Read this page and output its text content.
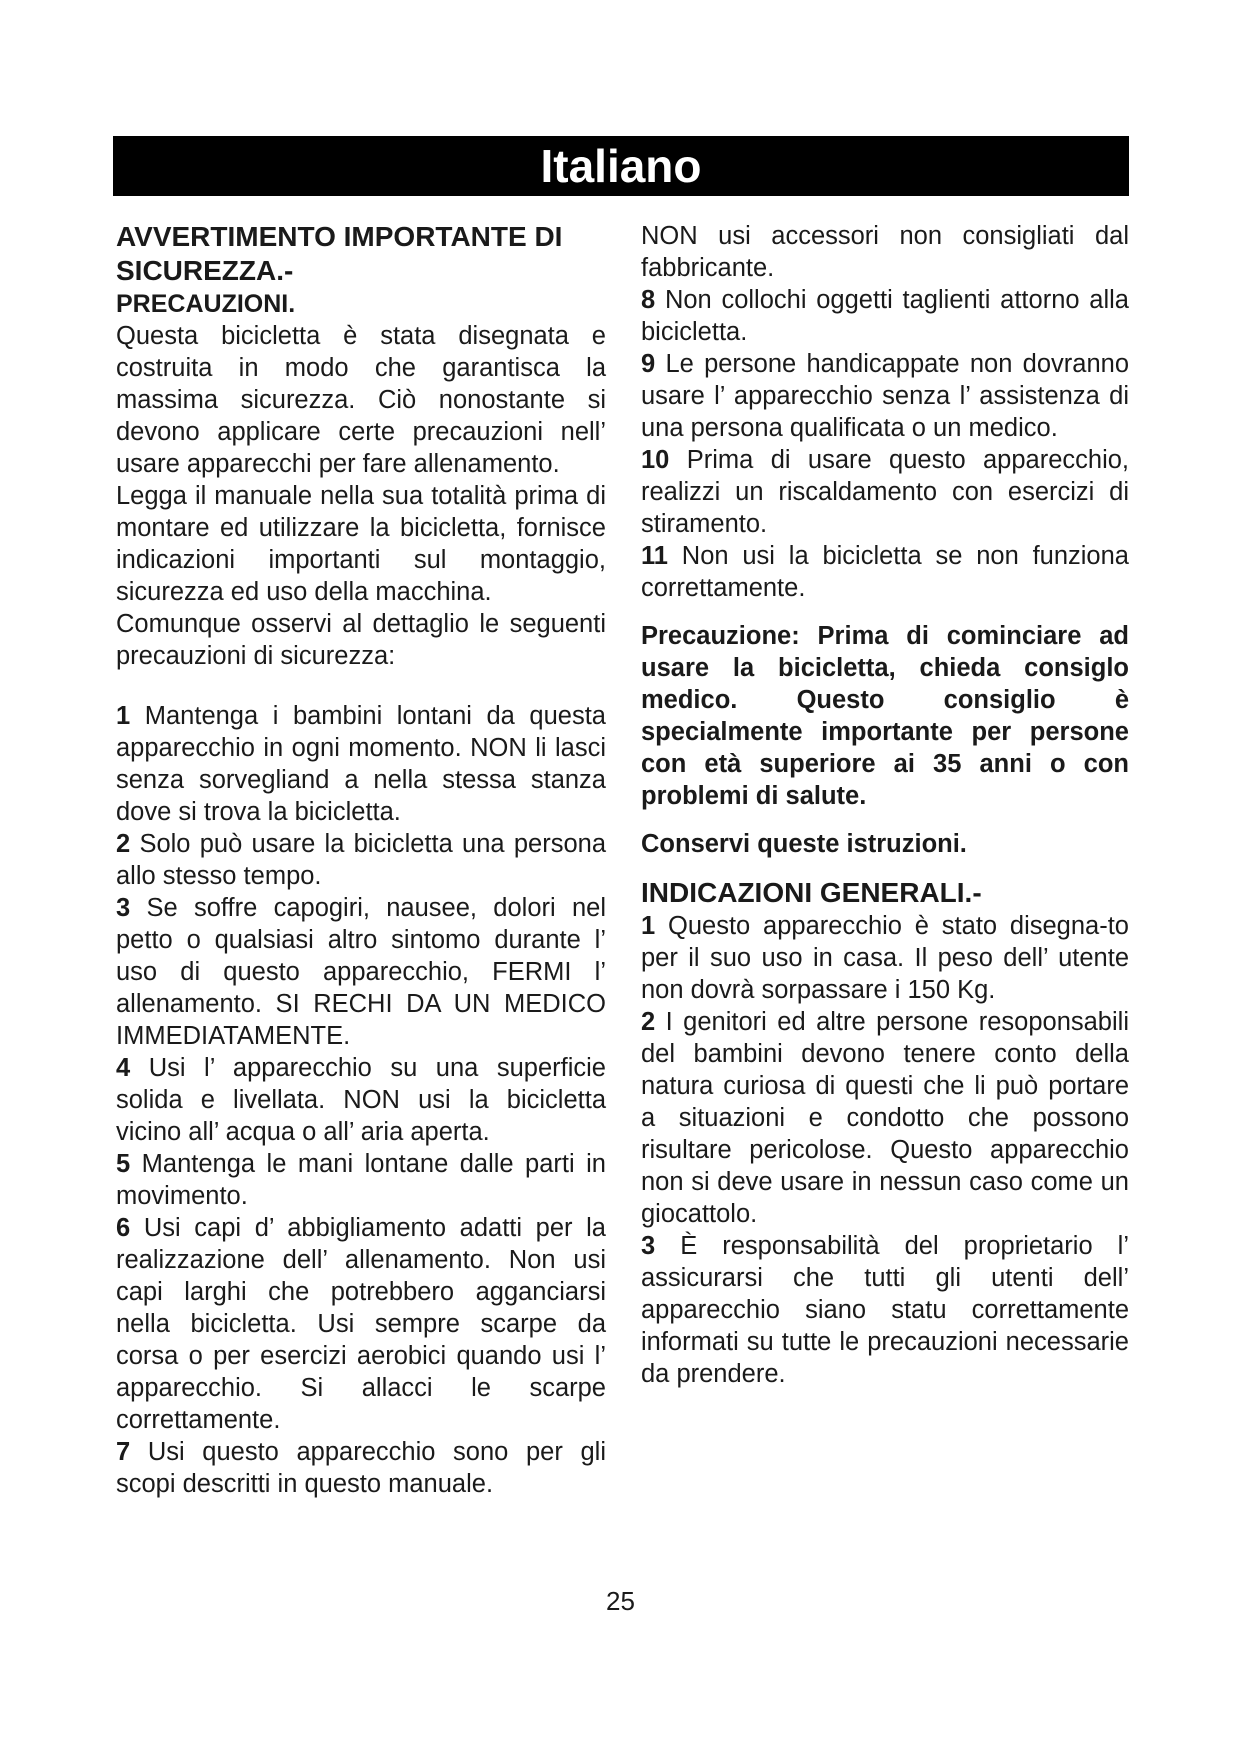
Italiano
AVVERTIMENTO IMPORTANTE DI SICUREZZA.-
PRECAUZIONI.

Questa bicicletta è stata disegnata e costruita in modo che garantisca la massima sicurezza. Ciò nonostante si devono applicare certe precauzioni nell’ usare apparecchi per fare allenamento.

Legga il manuale nella sua totalità prima di montare ed utilizzare la bicicletta, fornisce indicazioni importanti sul montaggio, sicurezza ed uso della macchina.

Comunque osservi al dettaglio le seguenti precauzioni di sicurezza:

1 Mantenga i bambini lontani da questa apparecchio in ogni momento. NON li lasci senza sorvegliand a nella stessa stanza dove si trova la bicicletta.

2 Solo può usare la bicicletta una persona allo stesso tempo.

3 Se soffre capogiri, nausee, dolori nel petto o qualsiasi altro sintomo durante l’ uso di questo apparecchio, FERMI l’ allenamento. SI RECHI DA UN MEDICO IMMEDIATAMENTE.

4 Usi l’ apparecchio su una superficie solida e livellata. NON usi la bicicletta vicino all’ acqua o all’ aria aperta.

5 Mantenga le mani lontane dalle parti in movimento.

6 Usi capi d’ abbigliamento adatti per la realizzazione dell’ allenamento. Non usi capi larghi che potrebbero agganciarsi nella bicicletta. Usi sempre scarpe da corsa o per esercizi aerobici quando usi l’ apparecchio. Si allacci le scarpe correttamente.

7 Usi questo apparecchio sono per gli scopi descritti in questo manuale.

NON usi accessori non consigliati dal fabbricante.

8 Non collochi oggetti taglienti attorno alla bicicletta.

9 Le persone handicappate non dovranno usare l’ apparecchio senza l’ assistenza di una persona qualificata o un medico.

10 Prima di usare questo apparecchio, realizzi un riscaldamento con esercizi di stiramento.

11 Non usi la bicicletta se non funziona correttamente.

Precauzione: Prima di cominciare ad usare la bicicletta, chieda consiglo medico. Questo consiglio è specialmente importante per persone con età superiore ai 35 anni o con problemi di salute.

Conservi queste istruzioni.

INDICAZIONI GENERALI.-

1 Questo apparecchio è stato disegna-to per il suo uso in casa. Il peso dell’ utente non dovrà sorpassare i 150 Kg.

2 I genitori ed altre persone resoponsabili del bambini devono tenere conto della natura curiosa di questi che li può portare a situazioni e condotto che possono risultare pericolose. Questo apparecchio non si deve usare in nessun caso come un giocattolo.

3 È responsabilità del proprietario l’ assicurarsi che tutti gli utenti dell’ apparecchio siano statu correttamente informati su tutte le precauzioni necessarie da prendere.

25
